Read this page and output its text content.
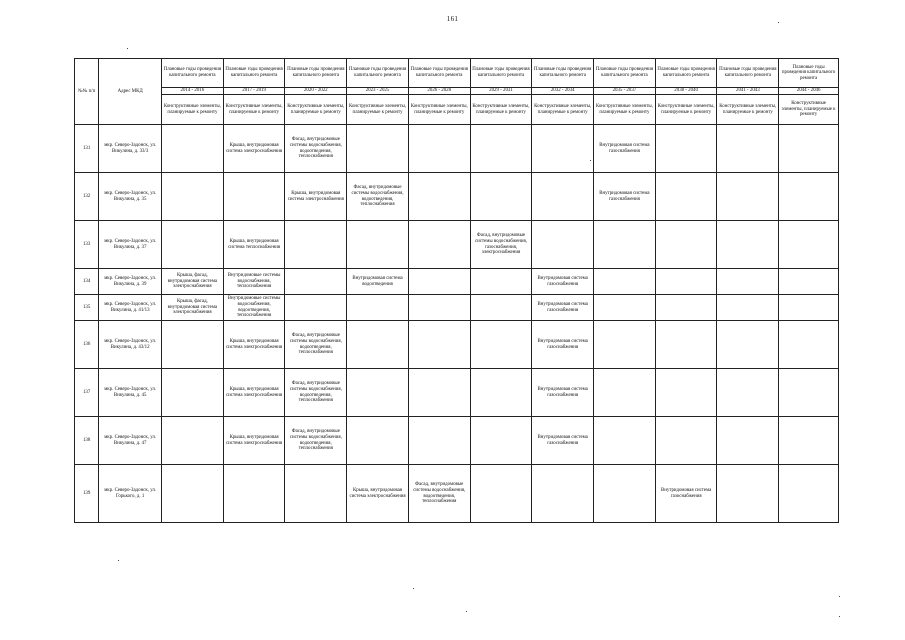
161
№№ п/п	Адрес МКД	Плановые годы проведения капитального ремонта	Плановые годы проведения капитального ремонта	Плановые годы проведения капитального ремонта	Плановые годы проведения капитального ремонта	Плановые годы проведения капитального ремонта	Плановые годы проведения капитального ремонта	Плановые годы проведения капитального ремонта	Плановые годы проведения капитального ремонта	Плановые годы проведения капитального ремонта	Плановые годы проведения капитального ремонта	Плановые годы проведения капитального ремонта
		2014 - 2016	2017 - 2019	2020 - 2022	2023 - 2025	2026 - 2028	2029 - 2031	2032 - 2034	2035 - 2037	2038 - 2040	2041 - 2043	2044 - 2046
		Конструктивные элементы, планируемые к ремонту	Конструктивные элементы, планируемые к ремонту	Конструктивные элементы, планируемые к ремонту	Конструктивные элементы, планируемые к ремонту	Конструктивные элементы, планируемые к ремонту	Конструктивные элементы, планируемые к ремонту	Конструктивные элементы, планируемые к ремонту	Конструктивные элементы, планируемые к ремонту	Конструктивные элементы, планируемые к ремонту	Конструктивные элементы, планируемые к ремонту	Конструктивные элементы, планируемые к ремонту
131	мкр. Северо-Задонск, ул. Викулина, д. 33/3		Крыша, внутридомовая система электроснабжения	Фасад, внутридомовые системы водоснабжения, водоотведения, теплоснабжения					Внутридомовая система газоснабжения			

132	мкр. Северо-Задонск, ул. Викулина, д. 35			Крыша, внутридомовая система электроснабжения	Фасад, внутридомовые системы водоснабжения, водоотведения, теплоснабжения				Внутридомовая система газоснабжения			

133	мкр. Северо-Задонск, ул. Викулина, д. 37		Крыша, внутридомовая система теплоснабжения				Фасад, внутридомовые системы водоснабжения, газоснабжения, электроснабжения					

134	мкр. Северо-Задонск, ул. Викулина, д. 39	Крыша, фасад, внутридомовая система электроснабжения	Внутридомовые системы водоснабжения, теплоснабжения		Внутридомовая система водоотведения			Внутридомовая система газоснабжения				

135	мкр. Северо-Задонск, ул. Викулина, д. 41/13	Крыша, фасад, внутридомовая система электроснабжения	Внутридомовые системы водоснабжения, водоотведения, теплоснабжения					Внутридомовая система газоснабжения				

136	мкр. Северо-Задонск, ул. Викулина, д. 43/12		Крыша, внутридомовая система электроснабжения	Фасад, внутридомовые системы водоснабжения, водоотведения, теплоснабжения				Внутридомовая система газоснабжения				

137	мкр. Северо-Задонск, ул. Викулина, д. 45		Крыша, внутридомовая система электроснабжения	Фасад, внутридомовые системы водоснабжения, водоотведения, теплоснабжения				Внутридомовая система газоснабжения				

138	мкр. Северо-Задонск, ул. Викулина, д. 47		Крыша, внутридомовая система электроснабжения	Фасад, внутридомовые системы водоснабжения, водоотведения, теплоснабжения				Внутридомовая система газоснабжения				

139	мкр. Северо-Задонск, ул. Горького, д. 1				Крыша, внутридомовая система электроснабжения	Фасад, внутридомовые системы водоснабжения, водоотведения, теплоснабжения				Внутридомовая система газоснабжения		
